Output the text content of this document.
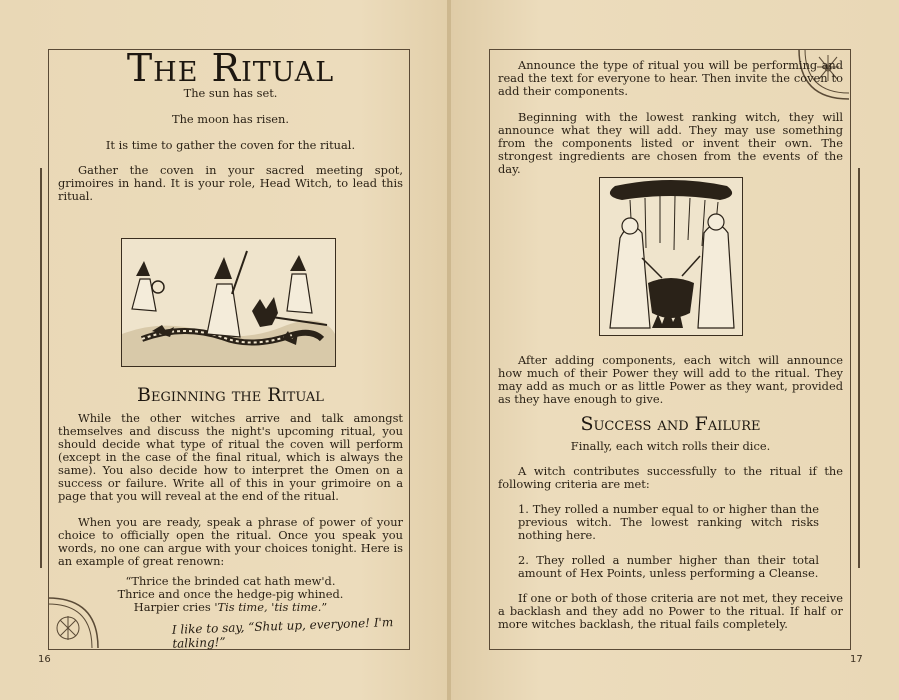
The Ritual

The sun has set.

The moon has risen.

It is time to gather the coven for the ritual.

Gather the coven in your sacred meeting spot, grimoires in hand. It is your role, Head Witch, to lead this ritual.

Beginning the Ritual

While the other witches arrive and talk amongst themselves and discuss the night's upcoming ritual, you should decide what type of ritual the coven will perform (except in the case of the final ritual, which is always the same). You also decide how to interpret the Omen on a success or failure. Write all of this in your grimoire on a page that you will reveal at the end of the ritual.

When you are ready, speak a phrase of power of your choice to officially open the ritual. Once you speak you words, no one can argue with your choices tonight. Here is an example of great renown:

“Thrice the brinded cat hath mew'd.

Thrice and once the hedge-pig whined.

Harpier cries 'Tis time, 'tis time.”

I like to say, “Shut up, everyone! I'm talking!”
16

Announce the type of ritual you will be performing and read the text for everyone to hear. Then invite the coven to add their components.

Beginning with the lowest ranking witch, they will announce what they will add. They may use something from the components listed or invent their own. The strongest ingredients are chosen from the events of the day.

After adding components, each witch will announce how much of their Power they will add to the ritual. They may add as much or as little Power as they want, provided as they have enough to give.

Success and Failure

Finally, each witch rolls their dice.

A witch contributes successfully to the ritual if the following criteria are met:

1. They rolled a number equal to or higher than the previous witch. The lowest ranking witch risks nothing here.

2. They rolled a number higher than their total amount of Hex Points, unless performing a Cleanse.

If one or both of those criteria are not met, they receive a backlash and they add no Power to the ritual. If half or more witches backlash, the ritual fails completely.

17
